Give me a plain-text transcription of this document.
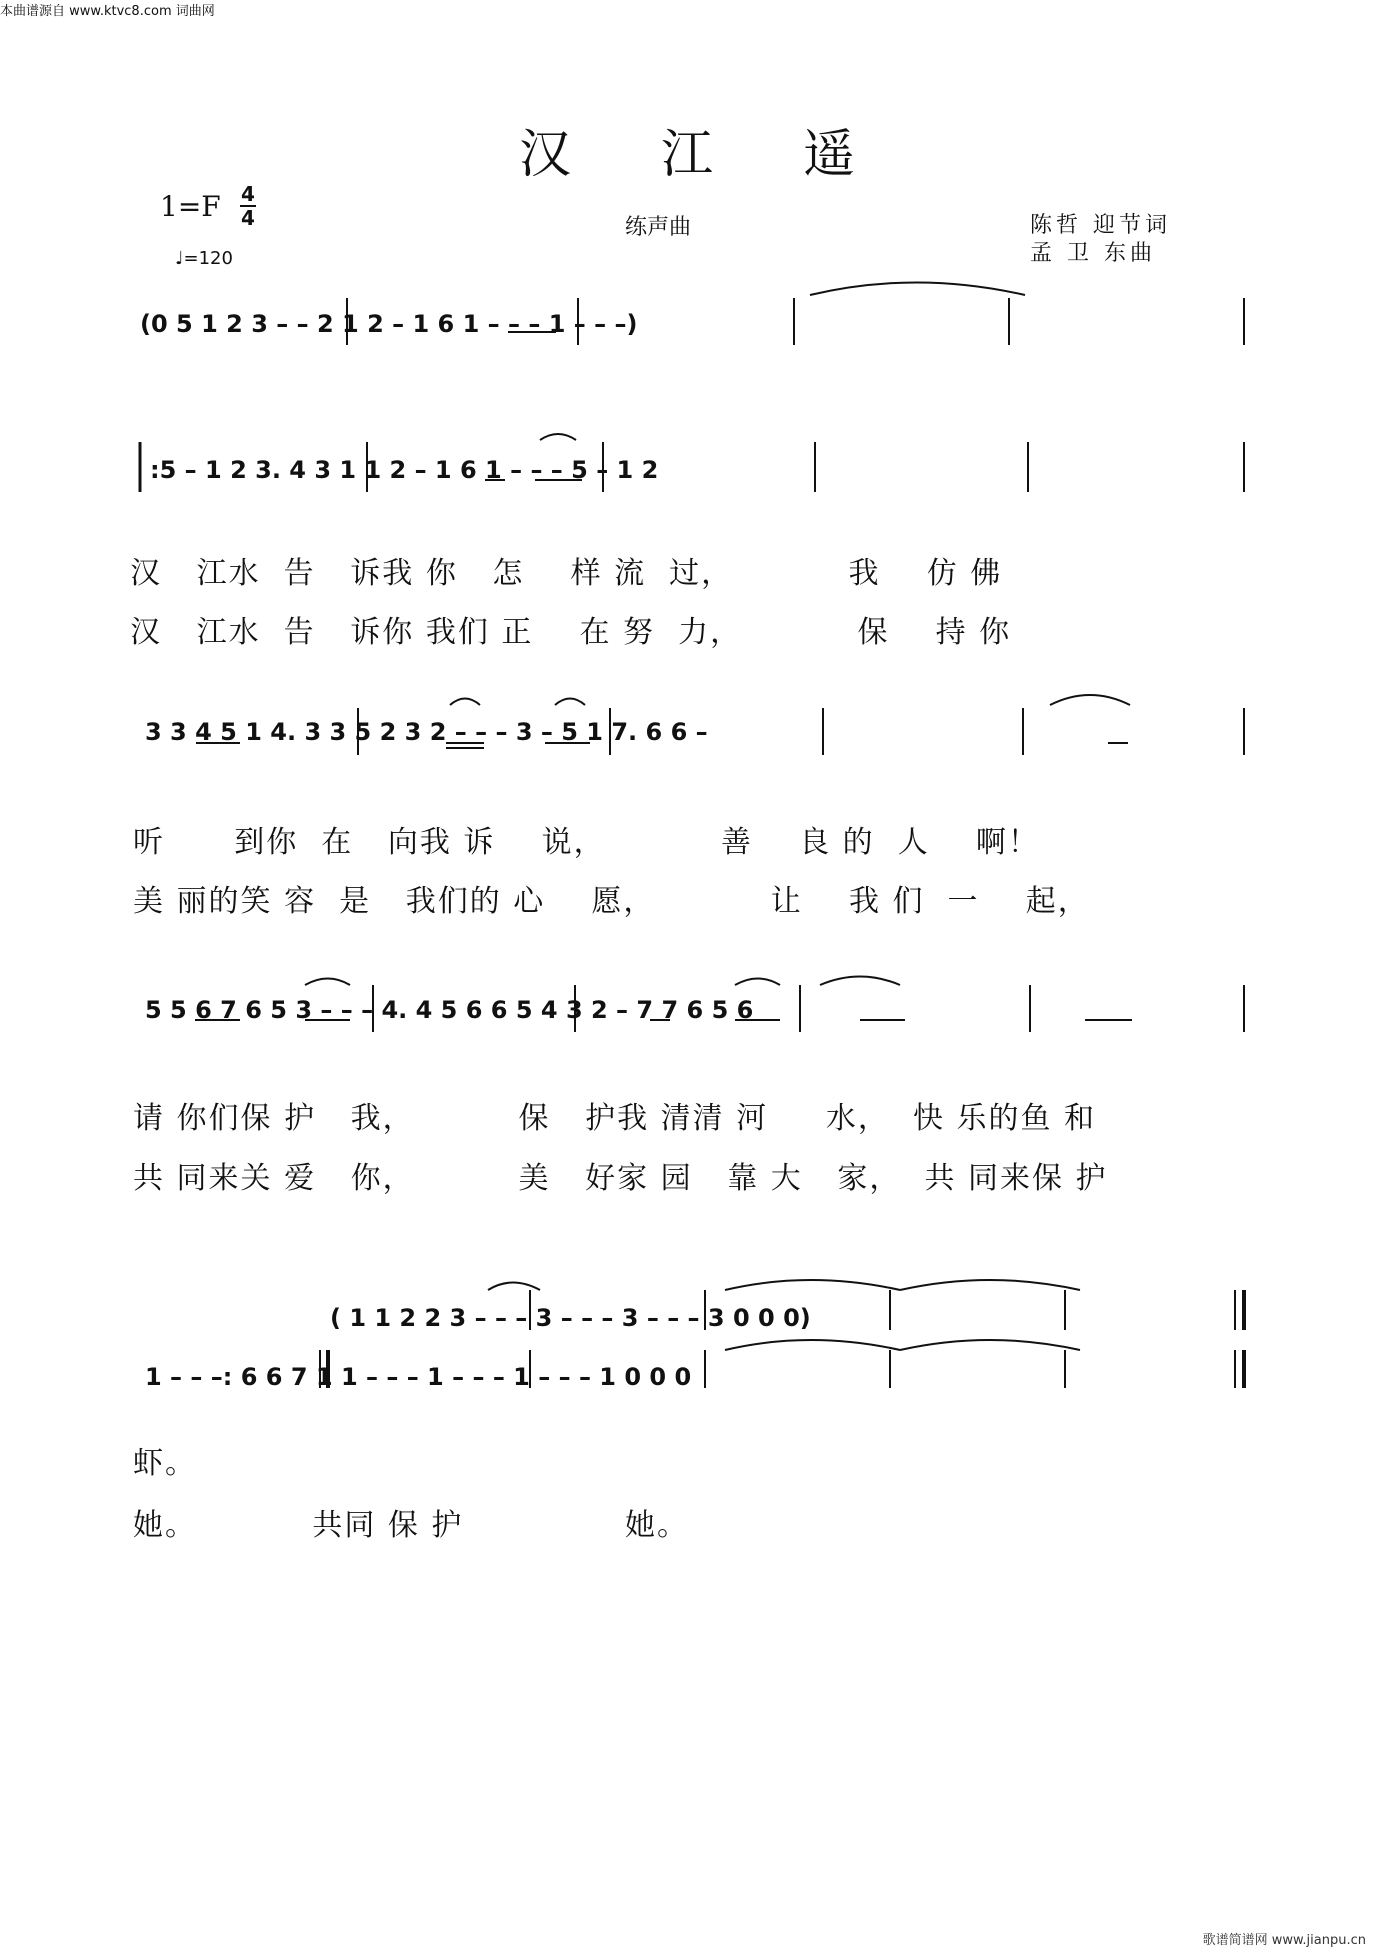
本曲谱源自 www.ktvc8.com 词曲网
汉江遥
1=F 4
4
♩=120
练声曲	陈哲 迎节词
孟 卫 东曲
(0 5 1 2 3 – – 2 1 2 – 1 6 1 – – – 1 – – –)
:5 – 1 2 3. 4 3 1 1 2 – 1 6 1 – – – 5 – 1 2
3 3 4 5 1 4. 3 3 5 2 3 2 – – – 3 – 5 1 7. 6 6 –
5 5 6 7 6 5 3 – – – 4. 4 5 6 6 5 4 3 2 – 7 7 6 5 6
( 1 1 2 2 3 – – – 3 – – – 3 – – – 3 0 0 0)
1 – – –: 6 6 7 1 1 – – – 1 – – – 1 – – – 1 0 0 0
汉   江水  告   诉我 你   怎    样 流  过，          我    仿 佛
汉   江水  告   诉你 我们 正    在 努  力，          保    持 你
听      到你  在   向我 诉    说，          善    良 的  人    啊！
美 丽的笑 容  是   我们的 心    愿，          让    我 们  一    起，
请 你们保 护   我，         保   护我 清清 河     水，  快 乐的鱼 和
共 同来关 爱   你，         美   好家 园   靠 大   家，  共 同来保 护
虾。
她。          共同 保 护              她。
歌谱简谱网 www.jianpu.cn
